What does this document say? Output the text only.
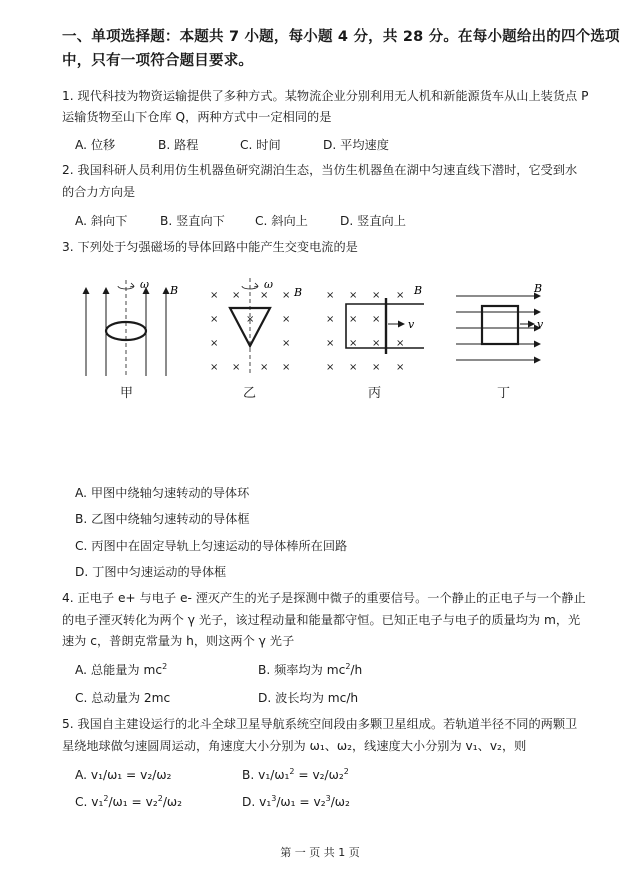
一、单项选择题：本题共 7 小题，每小题 4 分，共 28 分。在每小题给出的四个选项
中，只有一项符合题目要求。
1. 现代科技为物资运输提供了多种方式。某物流企业分别利用无人机和新能源货车从山上装货点 P
运输货物至山下仓库 Q，两种方式中一定相同的是
A. 位移	B. 路程	C. 时间	D. 平均速度
2. 我国科研人员利用仿生机器鱼研究湖泊生态，当仿生机器鱼在湖中匀速直线下潜时，它受到水
的合力方向是
A. 斜向下	B. 竖直向下 C. 斜向上	D. 竖直向上
3. 下列处于匀强磁场的导体回路中能产生交变电流的是
ω B
甲
× × × ×
×	×
×	×
× × × ×
×
ω
B
乙
× × × ×
× × ×
× × × ×
× × × ×
v
B
丙
v
B
丁
A. 甲图中绕轴匀速转动的导体环
B. 乙图中绕轴匀速转动的导体框
C. 丙图中在固定导轨上匀速运动的导体棒所在回路
D. 丁图中匀速运动的导体框
4. 正电子 e+ 与电子 e- 湮灭产生的光子是探测中微子的重要信号。一个静止的正电子与一个静止
的电子湮灭转化为两个 γ 光子，该过程动量和能量都守恒。已知正电子与电子的质量均为 m，光
速为 c，普朗克常量为 h，则这两个 γ 光子
A. 总能量为 $mc^2$	B. 频率均为 $mc^2/h$
C. 总动量为 2mc	D. 波长均为 mc/h
5. 我国自主建设运行的北斗全球卫星导航系统空间段由多颗卫星组成。若轨道半径不同的两颗卫
星绕地球做匀速圆周运动，角速度大小分别为 ω₁、ω₂，线速度大小分别为 v₁、v₂，则
A. v₁/ω₁ = v₂/ω₂	B. v₁/ω₁$^2$ = v₂/ω₂$^2$
C. v₁$^2$/ω₁ = v₂$^2$/ω₂	D. v₁$^3$/ω₁ = v₂$^3$/ω₂
第 一 页 共 1 页
